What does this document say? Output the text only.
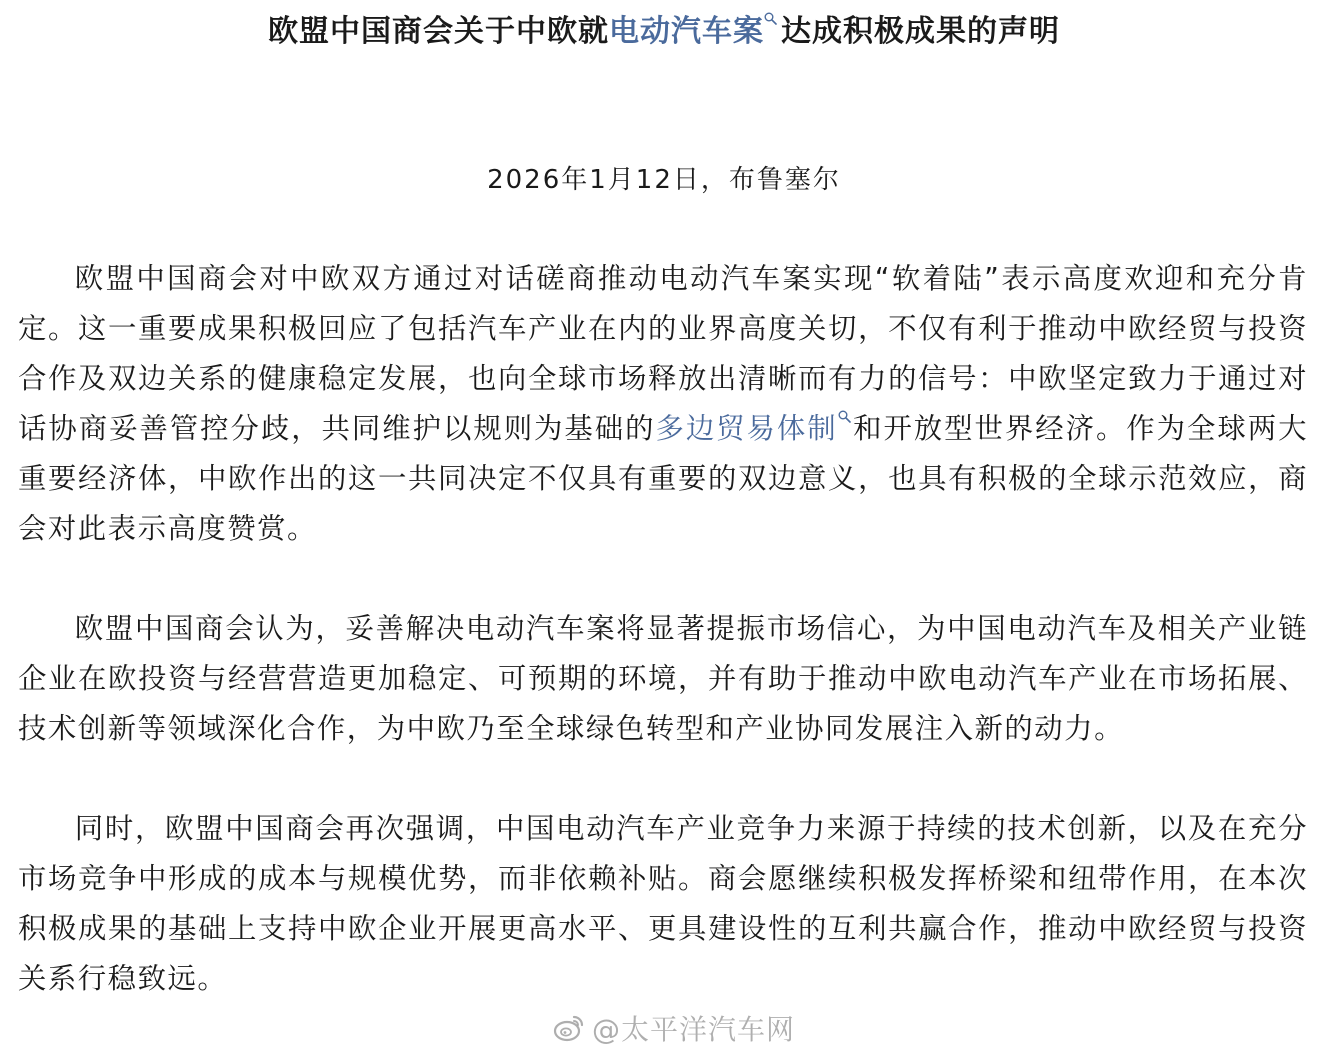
欧盟中国商会关于中欧就电动汽车案 达成积极成果的声明
2026年1月12日，布鲁塞尔

欧盟中国商会对中欧双方通过对话磋商推动电动汽车案实现“软着陆”表示高度欢迎和充分肯定。这一重要成果积极回应了包括汽车产业在内的业界高度关切，不仅有利于推动中欧经贸与投资合作及双边关系的健康稳定发展，也向全球市场释放出清晰而有力的信号：中欧坚定致力于通过对话协商妥善管控分歧，共同维护以规则为基础的多边贸易体制 和开放型世界经济。作为全球两大重要经济体，中欧作出的这一共同决定不仅具有重要的双边意义，也具有积极的全球示范效应，商会对此表示高度赞赏。

欧盟中国商会认为，妥善解决电动汽车案将显著提振市场信心，为中国电动汽车及相关产业链企业在欧投资与经营营造更加稳定、可预期的环境，并有助于推动中欧电动汽车产业在市场拓展、技术创新等领域深化合作，为中欧乃至全球绿色转型和产业协同发展注入新的动力。

同时，欧盟中国商会再次强调，中国电动汽车产业竞争力来源于持续的技术创新，以及在充分市场竞争中形成的成本与规模优势，而非依赖补贴。商会愿继续积极发挥桥梁和纽带作用，在本次积极成果的基础上支持中欧企业开展更高水平、更具建设性的互利共赢合作，推动中欧经贸与投资关系行稳致远。

@太平洋汽车网
